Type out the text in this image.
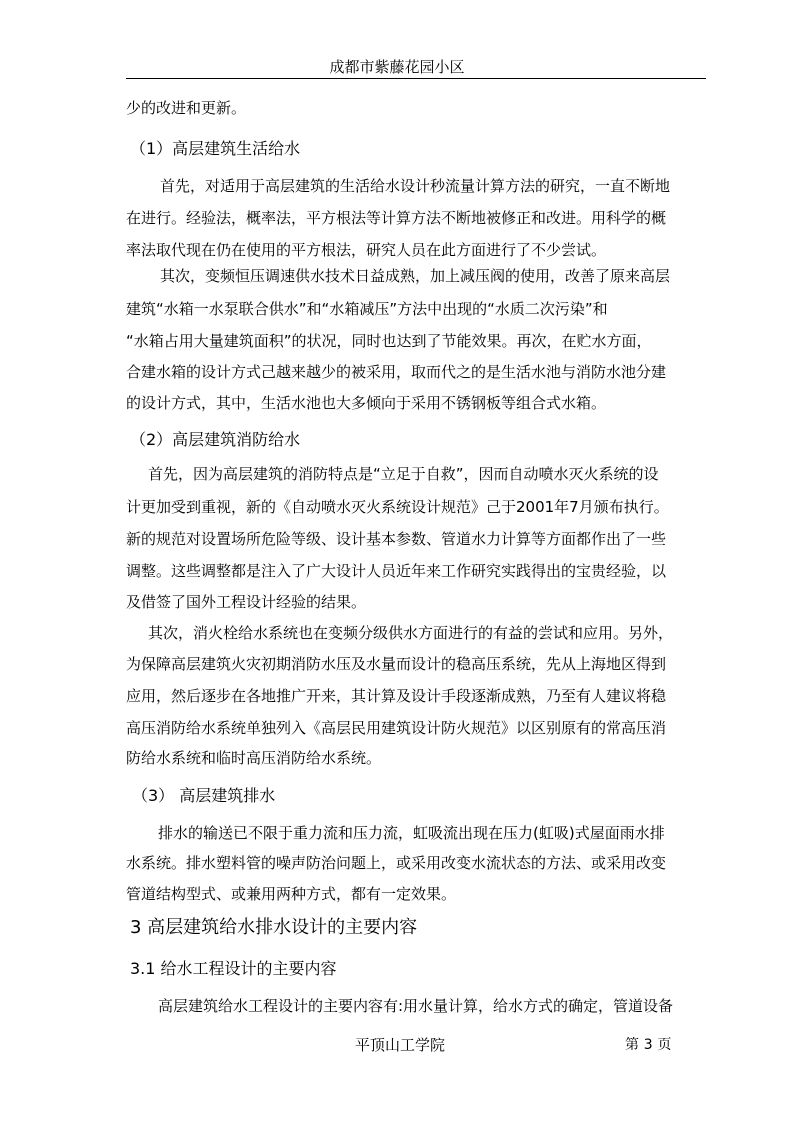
成都市紫藤花园小区
少的改进和更新。
（1）高层建筑生活给水
首先，对适用于高层建筑的生活给水设计秒流量计算方法的研究，一直不断地
在进行。经验法，概率法，平方根法等计算方法不断地被修正和改进。用科学的概
率法取代现在仍在使用的平方根法，研究人员在此方面进行了不少尝试。
其次，变频恒压调速供水技术日益成熟，加上减压阀的使用，改善了原来高层
建筑“水箱一水泵联合供水”和“水箱减压”方法中出现的“水质二次污染”和
“水箱占用大量建筑面积”的状况，同时也达到了节能效果。再次，在贮水方面，
合建水箱的设计方式己越来越少的被采用，取而代之的是生活水池与消防水池分建
的设计方式，其中，生活水池也大多倾向于采用不锈钢板等组合式水箱。
（2）高层建筑消防给水
首先，因为高层建筑的消防特点是“立足于自救”，因而自动喷水灭火系统的设
计更加受到重视，新的《自动喷水灭火系统设计规范》己于2001年7月颁布执行。
新的规范对设置场所危险等级、设计基本参数、管道水力计算等方面都作出了一些
调整。这些调整都是注入了广大设计人员近年来工作研究实践得出的宝贵经验，以
及借签了国外工程设计经验的结果。
其次，消火栓给水系统也在变频分级供水方面进行的有益的尝试和应用。另外，
为保障高层建筑火灾初期消防水压及水量而设计的稳高压系统，先从上海地区得到
应用，然后逐步在各地推广开来，其计算及设计手段逐渐成熟，乃至有人建议将稳
高压消防给水系统单独列入《高层民用建筑设计防火规范》以区别原有的常高压消
防给水系统和临时高压消防给水系统。
（3） 高层建筑排水
排水的输送已不限于重力流和压力流，虹吸流出现在压力(虹吸)式屋面雨水排
水系统。排水塑料管的噪声防治问题上，或采用改变水流状态的方法、或采用改变
管道结构型式、或兼用两种方式，都有一定效果。
3 高层建筑给水排水设计的主要内容
3.1 给水工程设计的主要内容
高层建筑给水工程设计的主要内容有:用水量计算，给水方式的确定，管道设备
平顶山工学院	第 3 页
